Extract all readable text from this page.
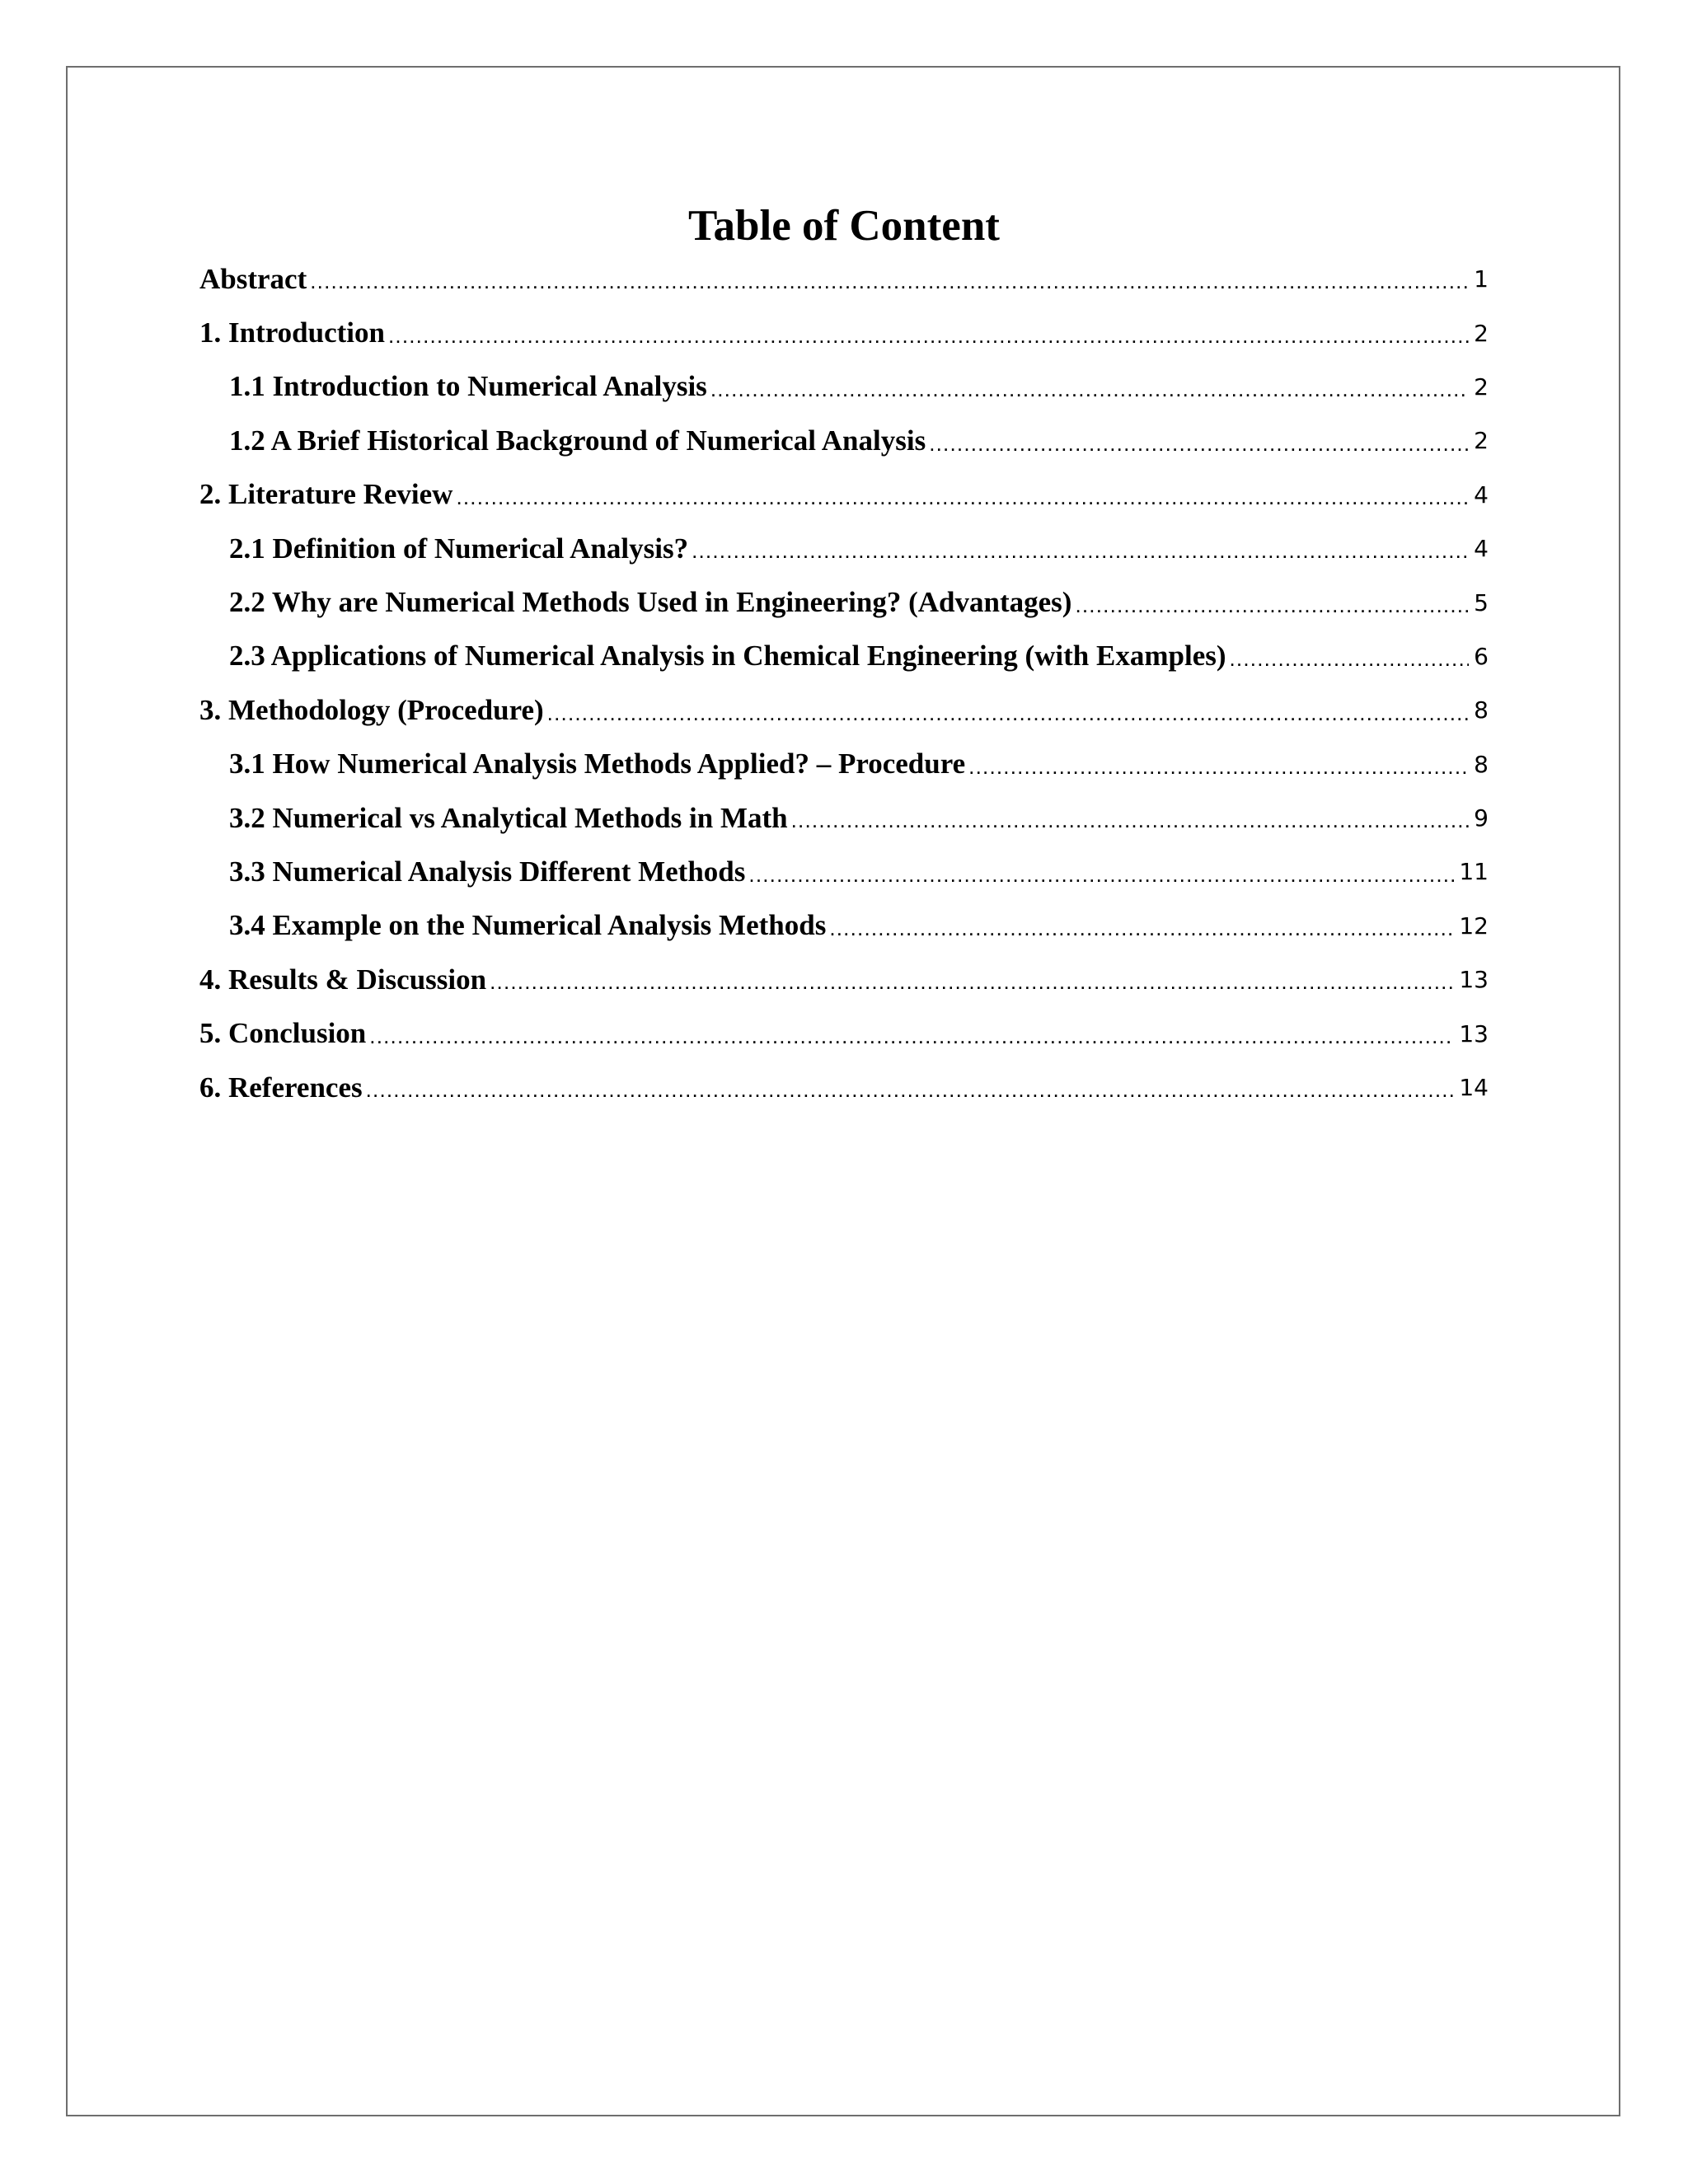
Table of Content
Abstract .....	1
1. Introduction .....	2
1.1 Introduction to Numerical Analysis .....	2
1.2 A Brief Historical Background of Numerical Analysis .....	2
2. Literature Review .....	4
2.1 Definition of Numerical Analysis? .....	4
2.2 Why are Numerical Methods Used in Engineering? (Advantages) .....	5
2.3 Applications of Numerical Analysis in Chemical Engineering (with Examples) .....	6
3. Methodology (Procedure) .....	8
3.1 How Numerical Analysis Methods Applied? – Procedure .....	8
3.2 Numerical vs Analytical Methods in Math .....	9
3.3 Numerical Analysis Different Methods .....	11
3.4 Example on the Numerical Analysis Methods .....	12
4. Results & Discussion .....	13
5. Conclusion .....	13
6. References .....	14
